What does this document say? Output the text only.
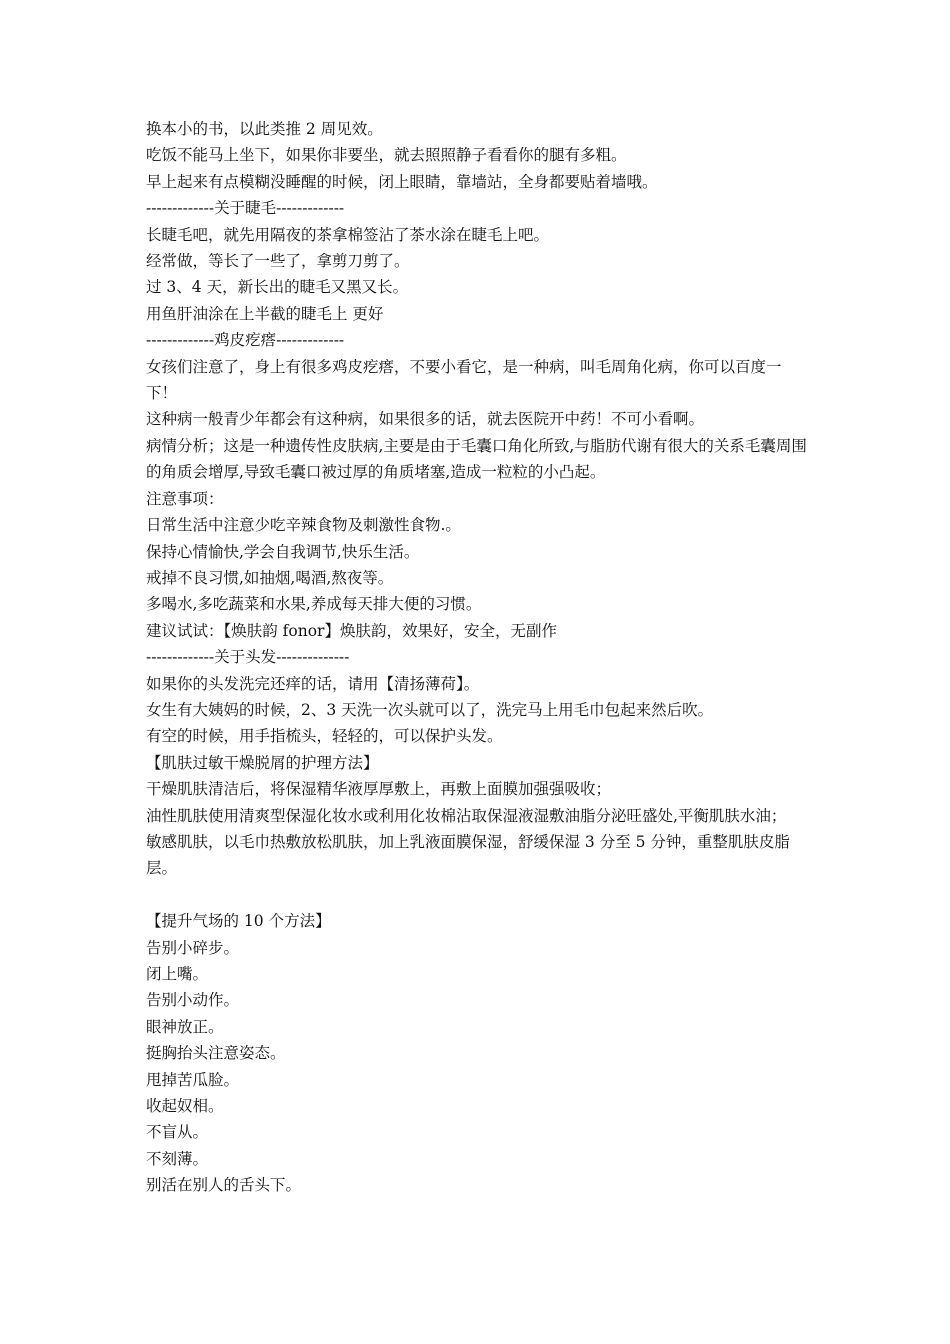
换本小的书，以此类推 2 周见效。

吃饭不能马上坐下，如果你非要坐，就去照照静子看看你的腿有多粗。

早上起来有点模糊没睡醒的时候，闭上眼睛，靠墙站，全身都要贴着墙哦。

-------------关于睫毛-------------

长睫毛吧，就先用隔夜的茶拿棉签沾了茶水涂在睫毛上吧。

经常做，等长了一些了，拿剪刀剪了。

过 3、4 天，新长出的睫毛又黑又长。

用鱼肝油涂在上半截的睫毛上 更好

-------------鸡皮疙瘩-------------

女孩们注意了，身上有很多鸡皮疙瘩，不要小看它，是一种病，叫毛周角化病，你可以百度一下！

这种病一般青少年都会有这种病，如果很多的话，就去医院开中药！不可小看啊。

病情分析；这是一种遗传性皮肤病,主要是由于毛囊口角化所致,与脂肪代谢有很大的关系毛囊周围的角质会增厚,导致毛囊口被过厚的角质堵塞,造成一粒粒的小凸起。

注意事项：

日常生活中注意少吃辛辣食物及刺激性食物.。

保持心情愉快,学会自我调节,快乐生活。

戒掉不良习惯,如抽烟,喝酒,熬夜等。

多喝水,多吃蔬菜和水果,养成每天排大便的习惯。

建议试试：【焕肤韵 fonor】焕肤韵，效果好，安全，无副作

-------------关于头发--------------

如果你的头发洗完还痒的话，请用【清扬薄荷】。

女生有大姨妈的时候，2、3 天洗一次头就可以了，洗完马上用毛巾包起来然后吹。

有空的时候，用手指梳头，轻轻的，可以保护头发。

【肌肤过敏干燥脱屑的护理方法】

干燥肌肤清洁后，将保湿精华液厚厚敷上，再敷上面膜加强强吸收；

油性肌肤使用清爽型保湿化妆水或利用化妆棉沾取保湿液湿敷油脂分泌旺盛处,平衡肌肤水油；

敏感肌肤，以毛巾热敷放松肌肤，加上乳液面膜保湿，舒缓保湿 3 分至 5 分钟，重整肌肤皮脂层。

【提升气场的 10 个方法】

告别小碎步。

闭上嘴。

告别小动作。

眼神放正。

挺胸抬头注意姿态。

甩掉苦瓜脸。

收起奴相。

不盲从。

不刻薄。

别活在别人的舌头下。
